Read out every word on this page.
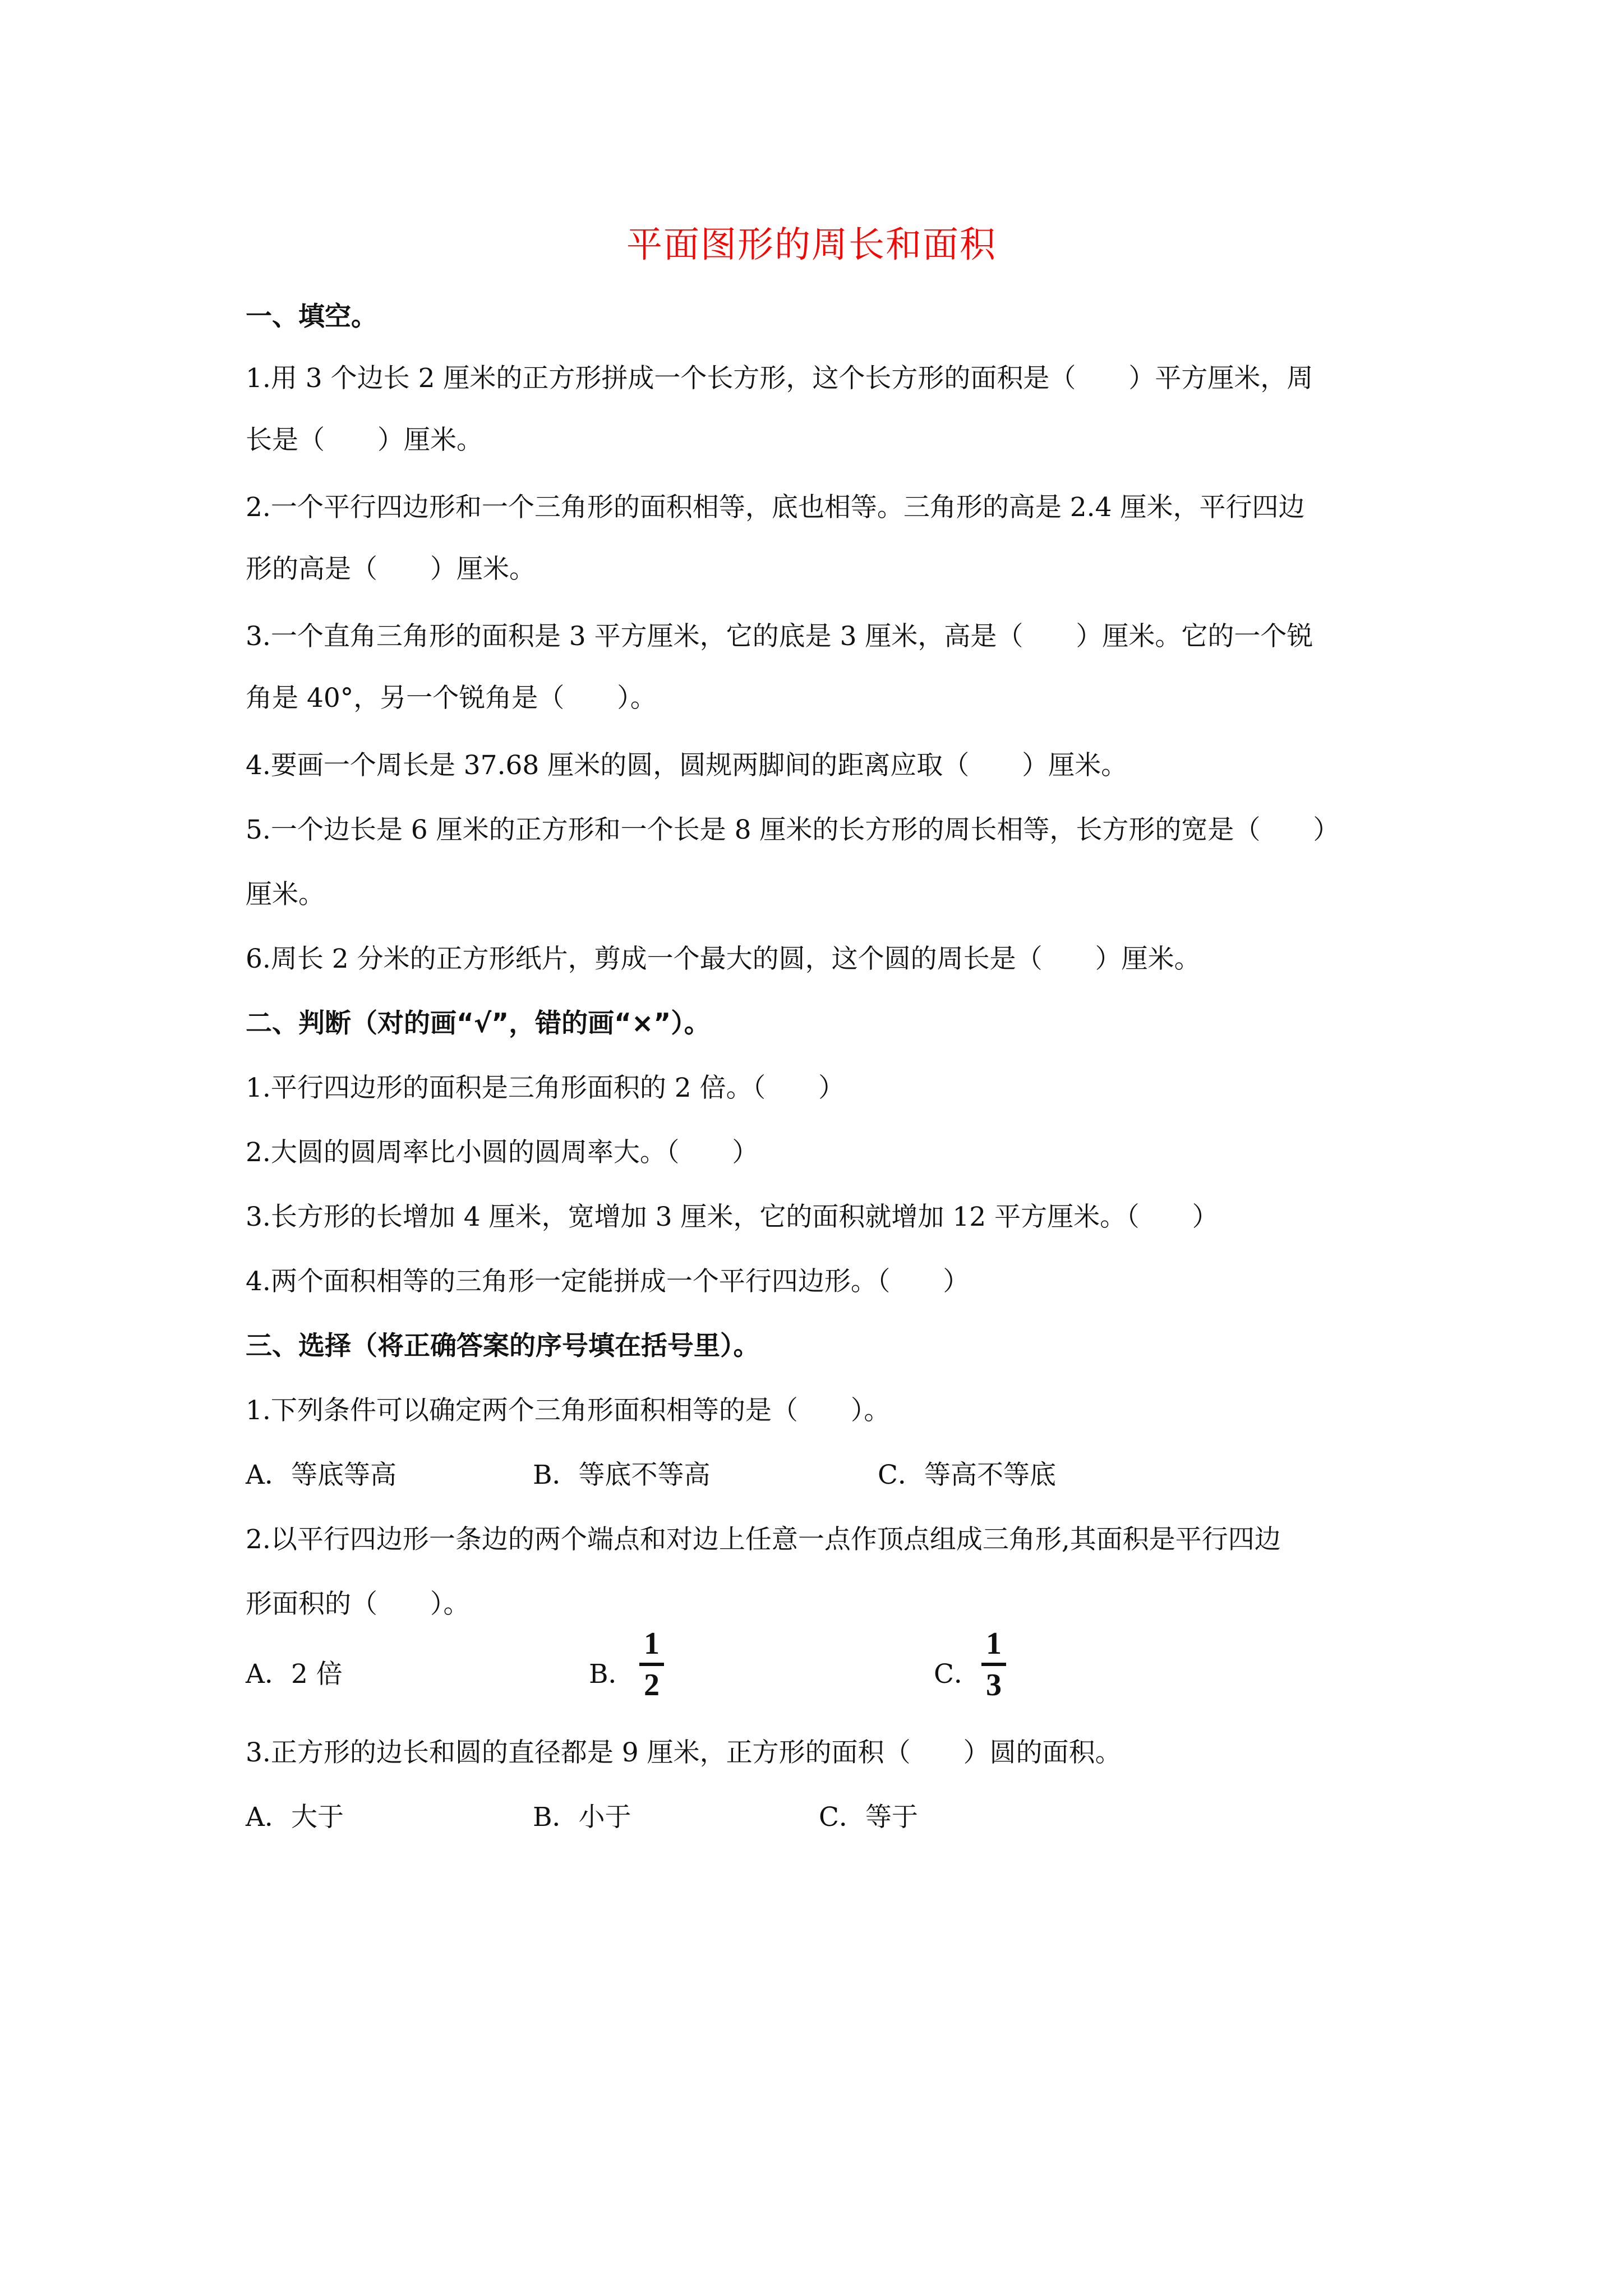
平面图形的周长和面积
一、填空。
1.用 3 个边长 2 厘米的正方形拼成一个长方形，这个长方形的面积是（　　）平方厘米，周
长是（　　）厘米。
2.一个平行四边形和一个三角形的面积相等，底也相等。三角形的高是 2.4 厘米，平行四边
形的高是（　　）厘米。
3.一个直角三角形的面积是 3 平方厘米，它的底是 3 厘米，高是（　　）厘米。它的一个锐
角是 40°，另一个锐角是（　　）。
4.要画一个周长是 37.68 厘米的圆，圆规两脚间的距离应取（　　）厘米。
5.一个边长是 6 厘米的正方形和一个长是 8 厘米的长方形的周长相等，长方形的宽是（　　）
厘米。
6.周长 2 分米的正方形纸片，剪成一个最大的圆，这个圆的周长是（　　）厘米。
二、判断（对的画“√”，错的画“×”）。
1.平行四边形的面积是三角形面积的 2 倍。（　　）
2.大圆的圆周率比小圆的圆周率大。（　　）
3.长方形的长增加 4 厘米，宽增加 3 厘米，它的面积就增加 12 平方厘米。（　　）
4.两个面积相等的三角形一定能拼成一个平行四边形。（　　）
三、选择（将正确答案的序号填在括号里）。
1.下列条件可以确定两个三角形面积相等的是（　　）。
A．等底等高	B．等底不等高	C．等高不等底
2.以平行四边形一条边的两个端点和对边上任意一点作顶点组成三角形,其面积是平行四边
形面积的（　　）。
A．2 倍	B．
1
2	C．
1
3
3.正方形的边长和圆的直径都是 9 厘米，正方形的面积（　　）圆的面积。
A．大于	B．小于	C．等于
